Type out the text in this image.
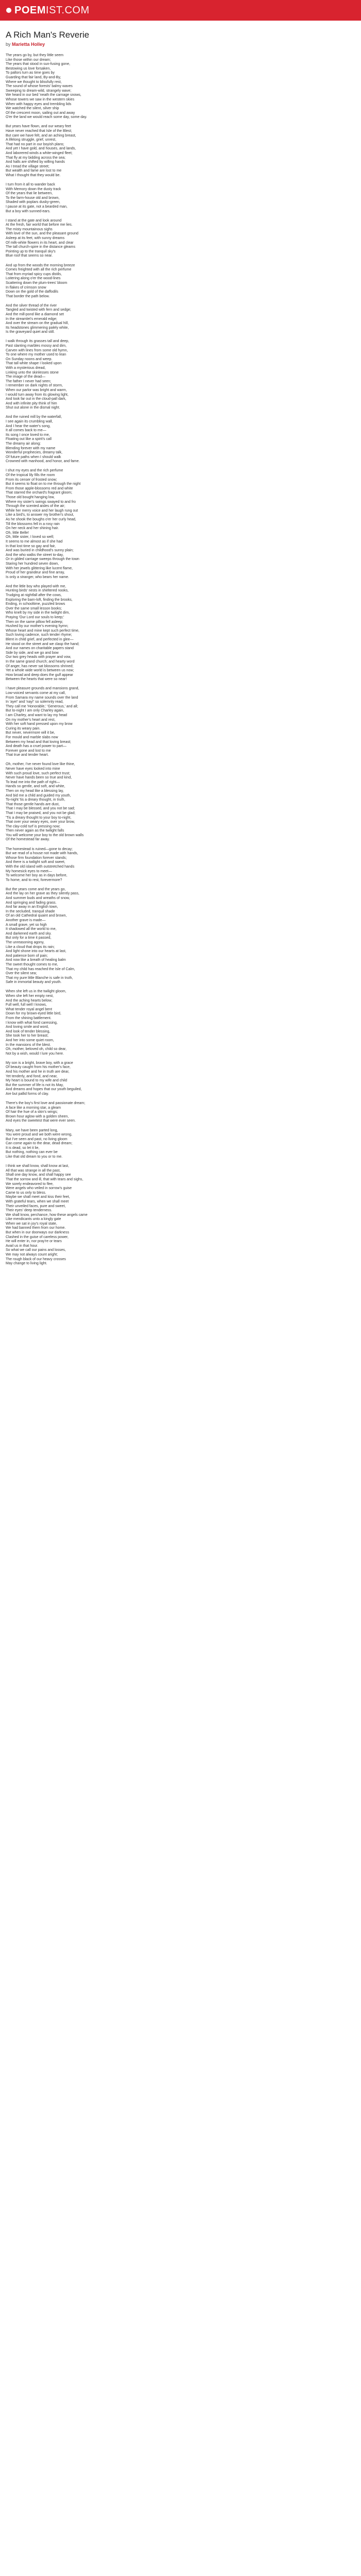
POEM IST.COM
A Rich Man's Reverie
by Marietta Holley
The years go by, but they little seem
Like those within our dream;
The years that stood in sun-fusing gone,
Bestowing us love forsaken,
To pallors turn as time goes by
Guarding that fair land, By-and-By,
Where we thought to blissfully rest,
The sound of whose forests' balmy waves
Sweeping to dream-wild, strangely wave;
We heard in our bed 'neath the carnage snows,
Whose towers we saw in the western skies
When with happy eyes and trembling lids
We watched the silent, silver ship
Of the crescent moon, sailing out and away
O'er the land we would reach some day, some day.
But years have flown, and our weary feet
Have never reached that Isle of the Blest;
But care we have felt, and an aching breast,
A lifelong struggle, grief, unrest,
That had no part in our boyish plans;
And yet I have gold, and houses, and lands,
And laborered winds a white-winged fleet;
That fly at my bidding across the sea;
And halls are shifted by willing hands
As I tread the village street;
But wealth and fame are lost to me
What I thought that they would be.
I turn from it all to wander back
With Memory down the dusty track
Of the years that lie between,
To the farm-house old and brown,
Shaded with poplars dusky-green,
I pause at its gate, not a bearded man,
But a boy with sunned-ears.
I stand at the gate and look around
At the fresh, fair world that before me lies.
The misty mountainous sighs
With love of the sun, and the pleasant ground
Asleep at its feet, with sunny dreams
Of milk-white flowers in its heart, and clear
The tall church-spire in the distance gleams
Pointing up to the tranquil sky's
Blue roof that seems so near.
And up from the woods the morning breeze
Comes freighted with all the rich perfume
That from myriad spicy cups distils,
Loitering along o'er the wood-lines
Scattering down the plum-trees' bloom
In flakes of crimson snow
Down on the gold of the daffodils
That border the path below.
And the silver thread of the river
Tangled and twisted with fern and sedge;
And the mill-pond like a diamond set
In the streamlet's emerald edge;
And over the stream on the gradual hill,
Its headstones glimmering palely white,
Is the graveyard quiet and still.
I walk through its grasses tall and deep,
Past slanting marbles mossy and dim,
Carven with lines from some old hymn,
To one where my mother used to lean
On Sunday noons and weep.
That tall white shape I looked upon
With a mysterious dread,
Linking unto the skinlesses stone
The image of the dead—
The father I never had seen;
I remember on dark nights of storm,
When our parlor was bright and warm,
I would turn away from its glowing light,
And look far out in the cloud-pall dark,
And with infinite pity think of him
Shut out alone in the dismal night.
And the ruined mill by the waterfall,
I see again its crumbling wall,
And I hear the water's song,
It all comes back to me—
Its song I once loved to me,
Floating out like a spirit's call
The dreamy air along:
Blending forever with my name
Wonderful prophecies, dreamy talk,
Of future paths when I should walk
Crowned with manhood, and honor, and fame.
I shut my eyes and the rich perfume
Of the tropical lily fills the room
From its censer of frosted snow;
But it seems to float on to me through the night
From those apple-blossoms red and white
That starred the orchard's fragrant gloom;
Those old bought hanging low,
Where my sister's swings swayed to and fro
Through the scented aisles of the air;
While her merry voice and her laugh rung out
Like a bird's, to answer my brother's shout,
As he shook the boughs o'er her curly head,
Till the blossoms fell in a rosy rain
On her neck and her shining hair.
Oh, little Belle!
Oh, little sister, I loved so well;
It seems to me almost as if she had
In that lost time so gay and fair,
And was buried in childhood's sunny plain;
And the who walks the street to-day,
Or in gilded carriage sweeps through the town
Staring her hundred seven down,
With her jewels glittering like lucent flame,
Proud of her grandeur and fine array,
Is only a stranger, who bears her name.
And the little boy who played with me,
Hunting birds' nests in sheltered nooks,
Trudging at nightfall after the cows,
Exploring the barn-loft, finding the brooks,
Ending, in schooltime, puzzled brows
Over the same small lesson books;
Who knelt by my side in the twilight dim,
Praying 'Our Lord our souls to keep;'
Then on the same pillow fell asleep;
Hushed by our mother's evening hymn;
Whose heart and mine kept such perfect time,
Such loving cadence, such tender rhyme;
Blent in child grief, and perfected in glee—
He stood on the street and we clasp the hand;
And our names on charitable papers stand
Side by side, and we go and bow
Our two grey heads with prayer and vow,
In the same grand church; and hearty word
Of anger, has never sat blossoms shrined;
Yet a whole wide world is between us now;
How broad and deep does the gulf appear
Between the hearts that were so near!
I have pleasure grounds and mansions grand,
Low-voiced servants come at my call,
From Samara my name sounds over the land
In 'aye!' and 'nay!' so solemnly read,
They call me 'Honorable,' 'Generous,' and all;
But to-night I am only Charley again,
I am Charley, and want to lay my head
On my mother's heart and rest,
With her soft hand pressed upon my brow
Curing its weary pain.
But never, nevermore will it be,
For mould and marble slabs now
Between my head and that loving breast;
And death has a cruel power to part—
Forever gone and lost to me
That true and tender heart.
Oh, mother, I've never found love like thine,
Never have eyes looked into mine
With such proud love, such perfect trust;
Never have hands been so true and kind,
To lead me into the path of right—
Hands so gentle, and soft, and white,
Then on my head like a blessing lay,
And bid me a child and guided my youth,
To-night 'tis a dreary thought, in truth,
That those gentle hands are dust,
That I may be blessed, and you not be sad;
That I may be praised, and you not be glad;
'Tis a dreary thought to your boy to-night,
That over your weary eyes, over your brow,
The clay-cold turf is pressing now;
Then never again as the twilight falls
You will welcome your boy to the old brown walls
Of the homestead far away.
The homestead is ruined—gone to decay;
But we read of a house not made with hands,
Whose firm foundation forever stands;
And there is a twilight soft and sweet,
With the old island with outstretched hands
My homesick eyes to meet—
To welcome her boy as in days before,
To home, and to rest, forevermore?
But the years come and the years go,
And the lay on her grave as they silently pass,
And summer buds and wreaths of snow,
And springing and fading grass.
And far away in an English town,
In the secluded, tranquil shade
Of an old Cathedral quaint and brown,
Another grave is made—
A small grave, yet so high
It shadowed all the world to me,
And darkened earth and sky.
But only for a time it passed,
The unreasoning agony,
Like a cloud that drops its rain;
And light shone into our hearts at last,
And patience born of pain;
And now like a breath of healing balm
The sweet thought comes to me,
That my child has reached the Isle of Calm,
Over the silent sea;
That my pure little Blanche is safe in truth,
Safe in immortal beauty and youth.
When she left us in the twilight gloom,
When she left her empty nest,
And the aching hearts below;
Full well, full well I knows,
What tender royal angel bent
Down for my brown-eyed little bird,
From the shining battlement.
I know with what fond caressing,
And loving smile and word,
And look of tender blessing,
She took her to her breast;
And her into some quiet room,
In the mansions of the blest.
Oh, mother, beloved oh, child so dear,
Not by a wish, would I lure you here.
My son is a bright, brave boy, with a grace
Of beauty caught from his mother's face,
And his mother and he in truth are dear,
Yet tenderly, and fond, and near,
My heart is bound to my wife and child
But the summer of life is not its May,
And dreams and hopes that our youth beguiled,
Are but pallid forms of clay.
There's the boy's first love and passionate dream;
A face like a morning star, a gleam
Of hair the hue of a skin's wings;
Brown hour aglow with a golden sheen,
And eyes the sweetest that were ever seen.
Mary, we have been parted long,
You were proud and we both were wrong,
But I've seen and past, no living gloom
Can come again to the dear, dead dream;
It is dead, so let it lie,
But nothing, nothing can ever be
Like that old dream to you or to me.
I think we shall know, shall know at last,
All that was strange in all the past,
Shall one day know, and shall happy see
That the sorrow and ill, that with tears and sighs,
We sorely endeavored to flee,
Were angels who veiled in sorrow's guise
Came to us only to bless.
Maybe we shall meet and kiss their feet,
With grateful tears, when we shall meet
Their unveiled faces, pure and sweet,
Their eyes' deep tenderness.
We shall know, perchance, how these angels came
Like mendicants unto a kingly gate
When we sat in joy's royal state,
We had banned them from our home.
But when in our doorways our darkness
Clashed in the guise of careless power,
He will enter in, nor pray're or tears
Avail us in that hour.
So what we call our pains and losses,
We may not always count aright;
The rough black of our heavy crosses
May change to living light.
